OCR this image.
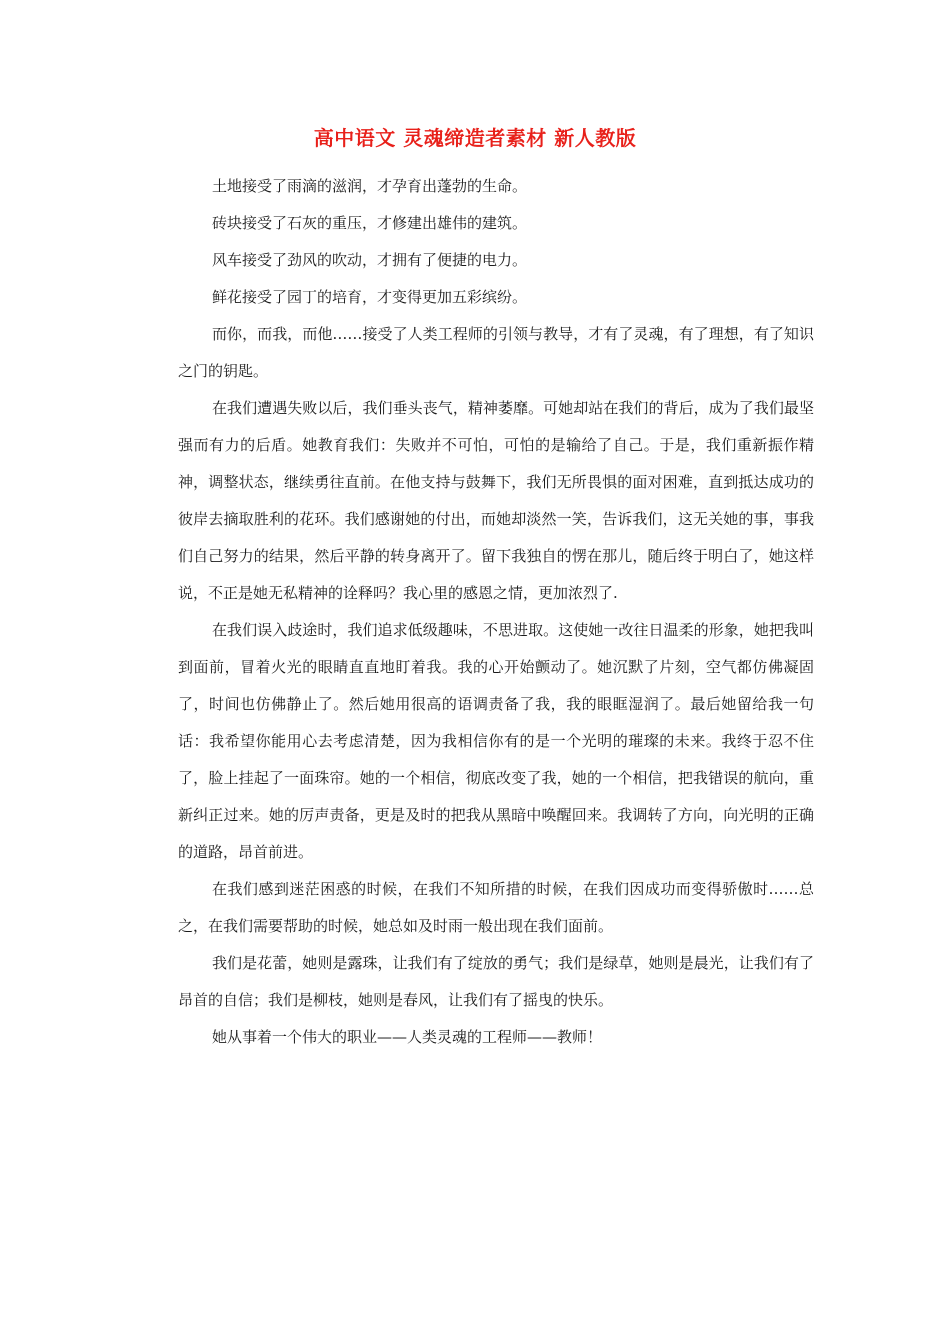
高中语文 灵魂缔造者素材 新人教版

土地接受了雨滴的滋润，才孕育出蓬勃的生命。

砖块接受了石灰的重压，才修建出雄伟的建筑。

风车接受了劲风的吹动，才拥有了便捷的电力。

鲜花接受了园丁的培育，才变得更加五彩缤纷。

而你，而我，而他……接受了人类工程师的引领与教导，才有了灵魂，有了理想，有了知识之门的钥匙。

在我们遭遇失败以后，我们垂头丧气，精神萎靡。可她却站在我们的背后，成为了我们最坚强而有力的后盾。她教育我们：失败并不可怕，可怕的是输给了自己。于是，我们重新振作精神，调整状态，继续勇往直前。在他支持与鼓舞下，我们无所畏惧的面对困难，直到抵达成功的彼岸去摘取胜利的花环。我们感谢她的付出，而她却淡然一笑，告诉我们，这无关她的事，事我们自己努力的结果，然后平静的转身离开了。留下我独自的愣在那儿，随后终于明白了，她这样说，不正是她无私精神的诠释吗？我心里的感恩之情，更加浓烈了.

在我们误入歧途时，我们追求低级趣味，不思进取。这使她一改往日温柔的形象，她把我叫到面前，冒着火光的眼睛直直地盯着我。我的心开始颤动了。她沉默了片刻，空气都仿佛凝固了，时间也仿佛静止了。然后她用很高的语调责备了我，我的眼眶湿润了。最后她留给我一句话：我希望你能用心去考虑清楚，因为我相信你有的是一个光明的璀璨的未来。我终于忍不住了，脸上挂起了一面珠帘。她的一个相信，彻底改变了我，她的一个相信，把我错误的航向，重新纠正过来。她的厉声责备，更是及时的把我从黑暗中唤醒回来。我调转了方向，向光明的正确的道路，昂首前进。

在我们感到迷茫困惑的时候，在我们不知所措的时候，在我们因成功而变得骄傲时……总之，在我们需要帮助的时候，她总如及时雨一般出现在我们面前。

我们是花蕾，她则是露珠，让我们有了绽放的勇气；我们是绿草，她则是晨光，让我们有了昂首的自信；我们是柳枝，她则是春风，让我们有了摇曳的快乐。

她从事着一个伟大的职业——人类灵魂的工程师——教师！
